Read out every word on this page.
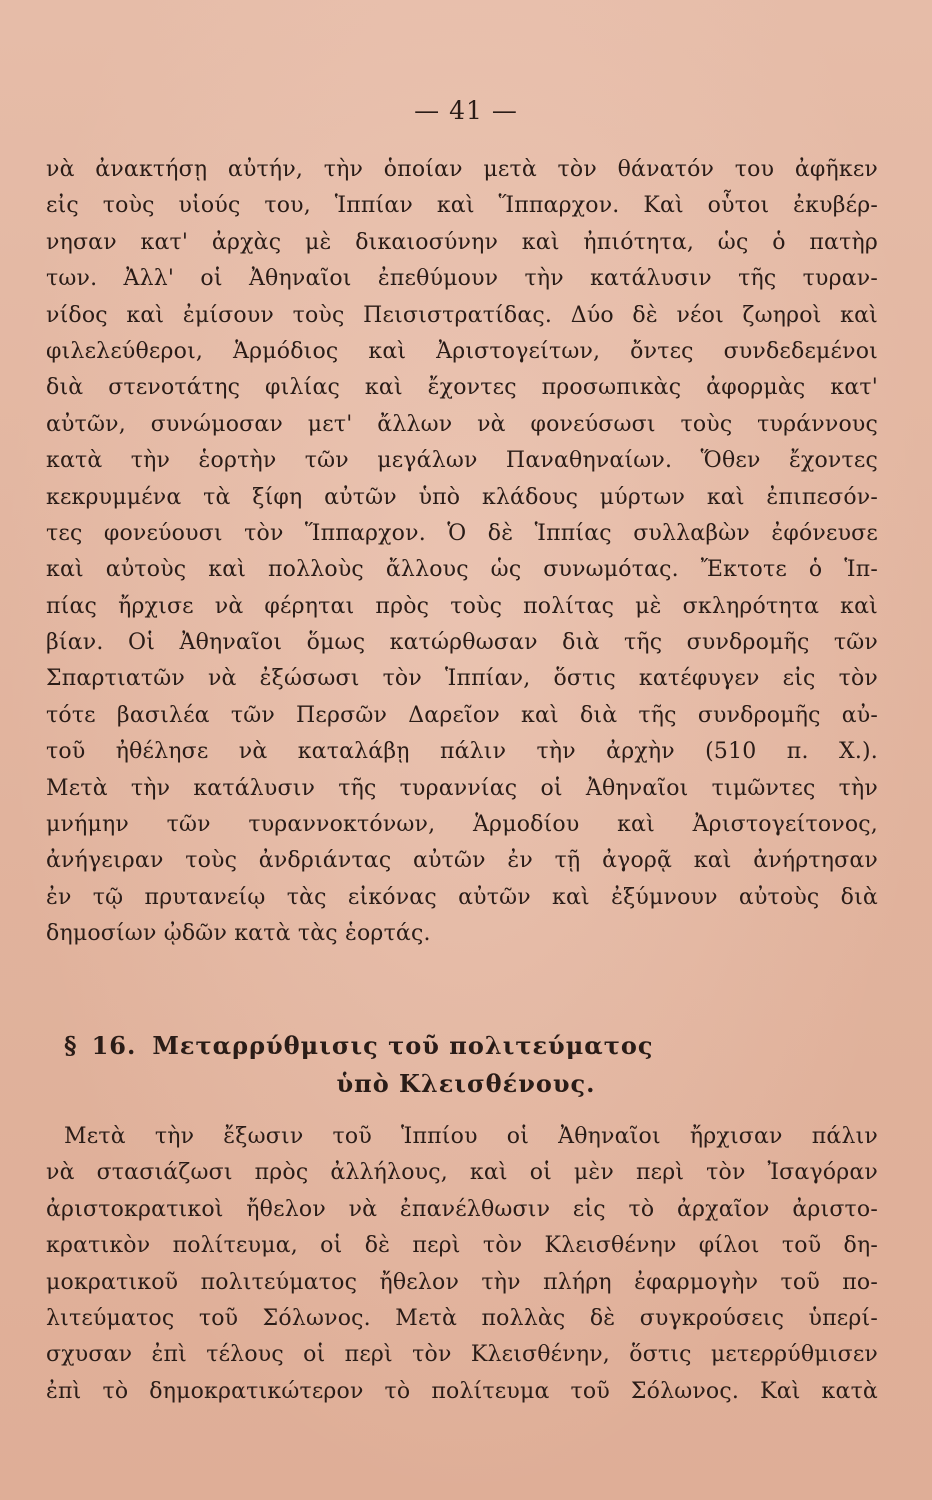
— 41 —
νὰ ἀνακτήσῃ αὐτήν, τὴν ὁποίαν μετὰ τὸν θάνατόν του ἀφῆκεν
εἰς τοὺς υἱούς του, Ἱππίαν καὶ Ἵππαρχον. Καὶ οὗτοι ἐκυβέρ-
νησαν κατ' ἀρχὰς μὲ δικαιοσύνην καὶ ἠπιότητα, ὡς ὁ πατὴρ
των. Ἀλλ' οἱ Ἀθηναῖοι ἐπεθύμουν τὴν κατάλυσιν τῆς τυραν-
νίδος καὶ ἐμίσουν τοὺς Πεισιστρατίδας. Δύο δὲ νέοι ζωηροὶ καὶ
φιλελεύθεροι, Ἁρμόδιος καὶ Ἀριστογείτων, ὄντες συνδεδεμένοι
διὰ στενοτάτης φιλίας καὶ ἔχοντες προσωπικὰς ἀφορμὰς κατ'
αὐτῶν, συνώμοσαν μετ' ἄλλων νὰ φονεύσωσι τοὺς τυράννους
κατὰ τὴν ἑορτὴν τῶν μεγάλων Παναθηναίων. Ὅθεν ἔχοντες
κεκρυμμένα τὰ ξίφη αὐτῶν ὑπὸ κλάδους μύρτων καὶ ἐπιπεσόν-
τες φονεύουσι τὸν Ἵππαρχον. Ὁ δὲ Ἱππίας συλλαβὼν ἐφόνευσε
καὶ αὐτοὺς καὶ πολλοὺς ἄλλους ὡς συνωμότας. Ἔκτοτε ὁ Ἱπ-
πίας ἤρχισε νὰ φέρηται πρὸς τοὺς πολίτας μὲ σκληρότητα καὶ
βίαν. Οἱ Ἀθηναῖοι ὅμως κατώρθωσαν διὰ τῆς συνδρομῆς τῶν
Σπαρτιατῶν νὰ ἐξώσωσι τὸν Ἱππίαν, ὅστις κατέφυγεν εἰς τὸν
τότε βασιλέα τῶν Περσῶν Δαρεῖον καὶ διὰ τῆς συνδρομῆς αὐ-
τοῦ ἠθέλησε νὰ καταλάβῃ πάλιν τὴν ἀρχὴν (510 π. Χ.).
Μετὰ τὴν κατάλυσιν τῆς τυραννίας οἱ Ἀθηναῖοι τιμῶντες τὴν
μνήμην τῶν τυραννοκτόνων, Ἁρμοδίου καὶ Ἀριστογείτονος,
ἀνήγειραν τοὺς ἀνδριάντας αὐτῶν ἐν τῇ ἀγορᾷ καὶ ἀνήρτησαν
ἐν τῷ πρυτανείῳ τὰς εἰκόνας αὐτῶν καὶ ἐξύμνουν αὐτοὺς διὰ
δημοσίων ᾠδῶν κατὰ τὰς ἑορτάς.
§ 16. Μεταρρύθμισις τοῦ πολιτεύματος
ὑπὸ Κλεισθένους.
Μετὰ τὴν ἔξωσιν τοῦ Ἱππίου οἱ Ἀθηναῖοι ἤρχισαν πάλιν
νὰ στασιάζωσι πρὸς ἀλλήλους, καὶ οἱ μὲν περὶ τὸν Ἰσαγόραν
ἀριστοκρατικοὶ ἤθελον νὰ ἐπανέλθωσιν εἰς τὸ ἀρχαῖον ἀριστο-
κρατικὸν πολίτευμα, οἱ δὲ περὶ τὸν Κλεισθένην φίλοι τοῦ δη-
μοκρατικοῦ πολιτεύματος ἤθελον τὴν πλήρη ἐφαρμογὴν τοῦ πο-
λιτεύματος τοῦ Σόλωνος. Μετὰ πολλὰς δὲ συγκρούσεις ὑπερί-
σχυσαν ἐπὶ τέλους οἱ περὶ τὸν Κλεισθένην, ὅστις μετερρύθμισεν
ἐπὶ τὸ δημοκρατικώτερον τὸ πολίτευμα τοῦ Σόλωνος. Καὶ κατὰ
